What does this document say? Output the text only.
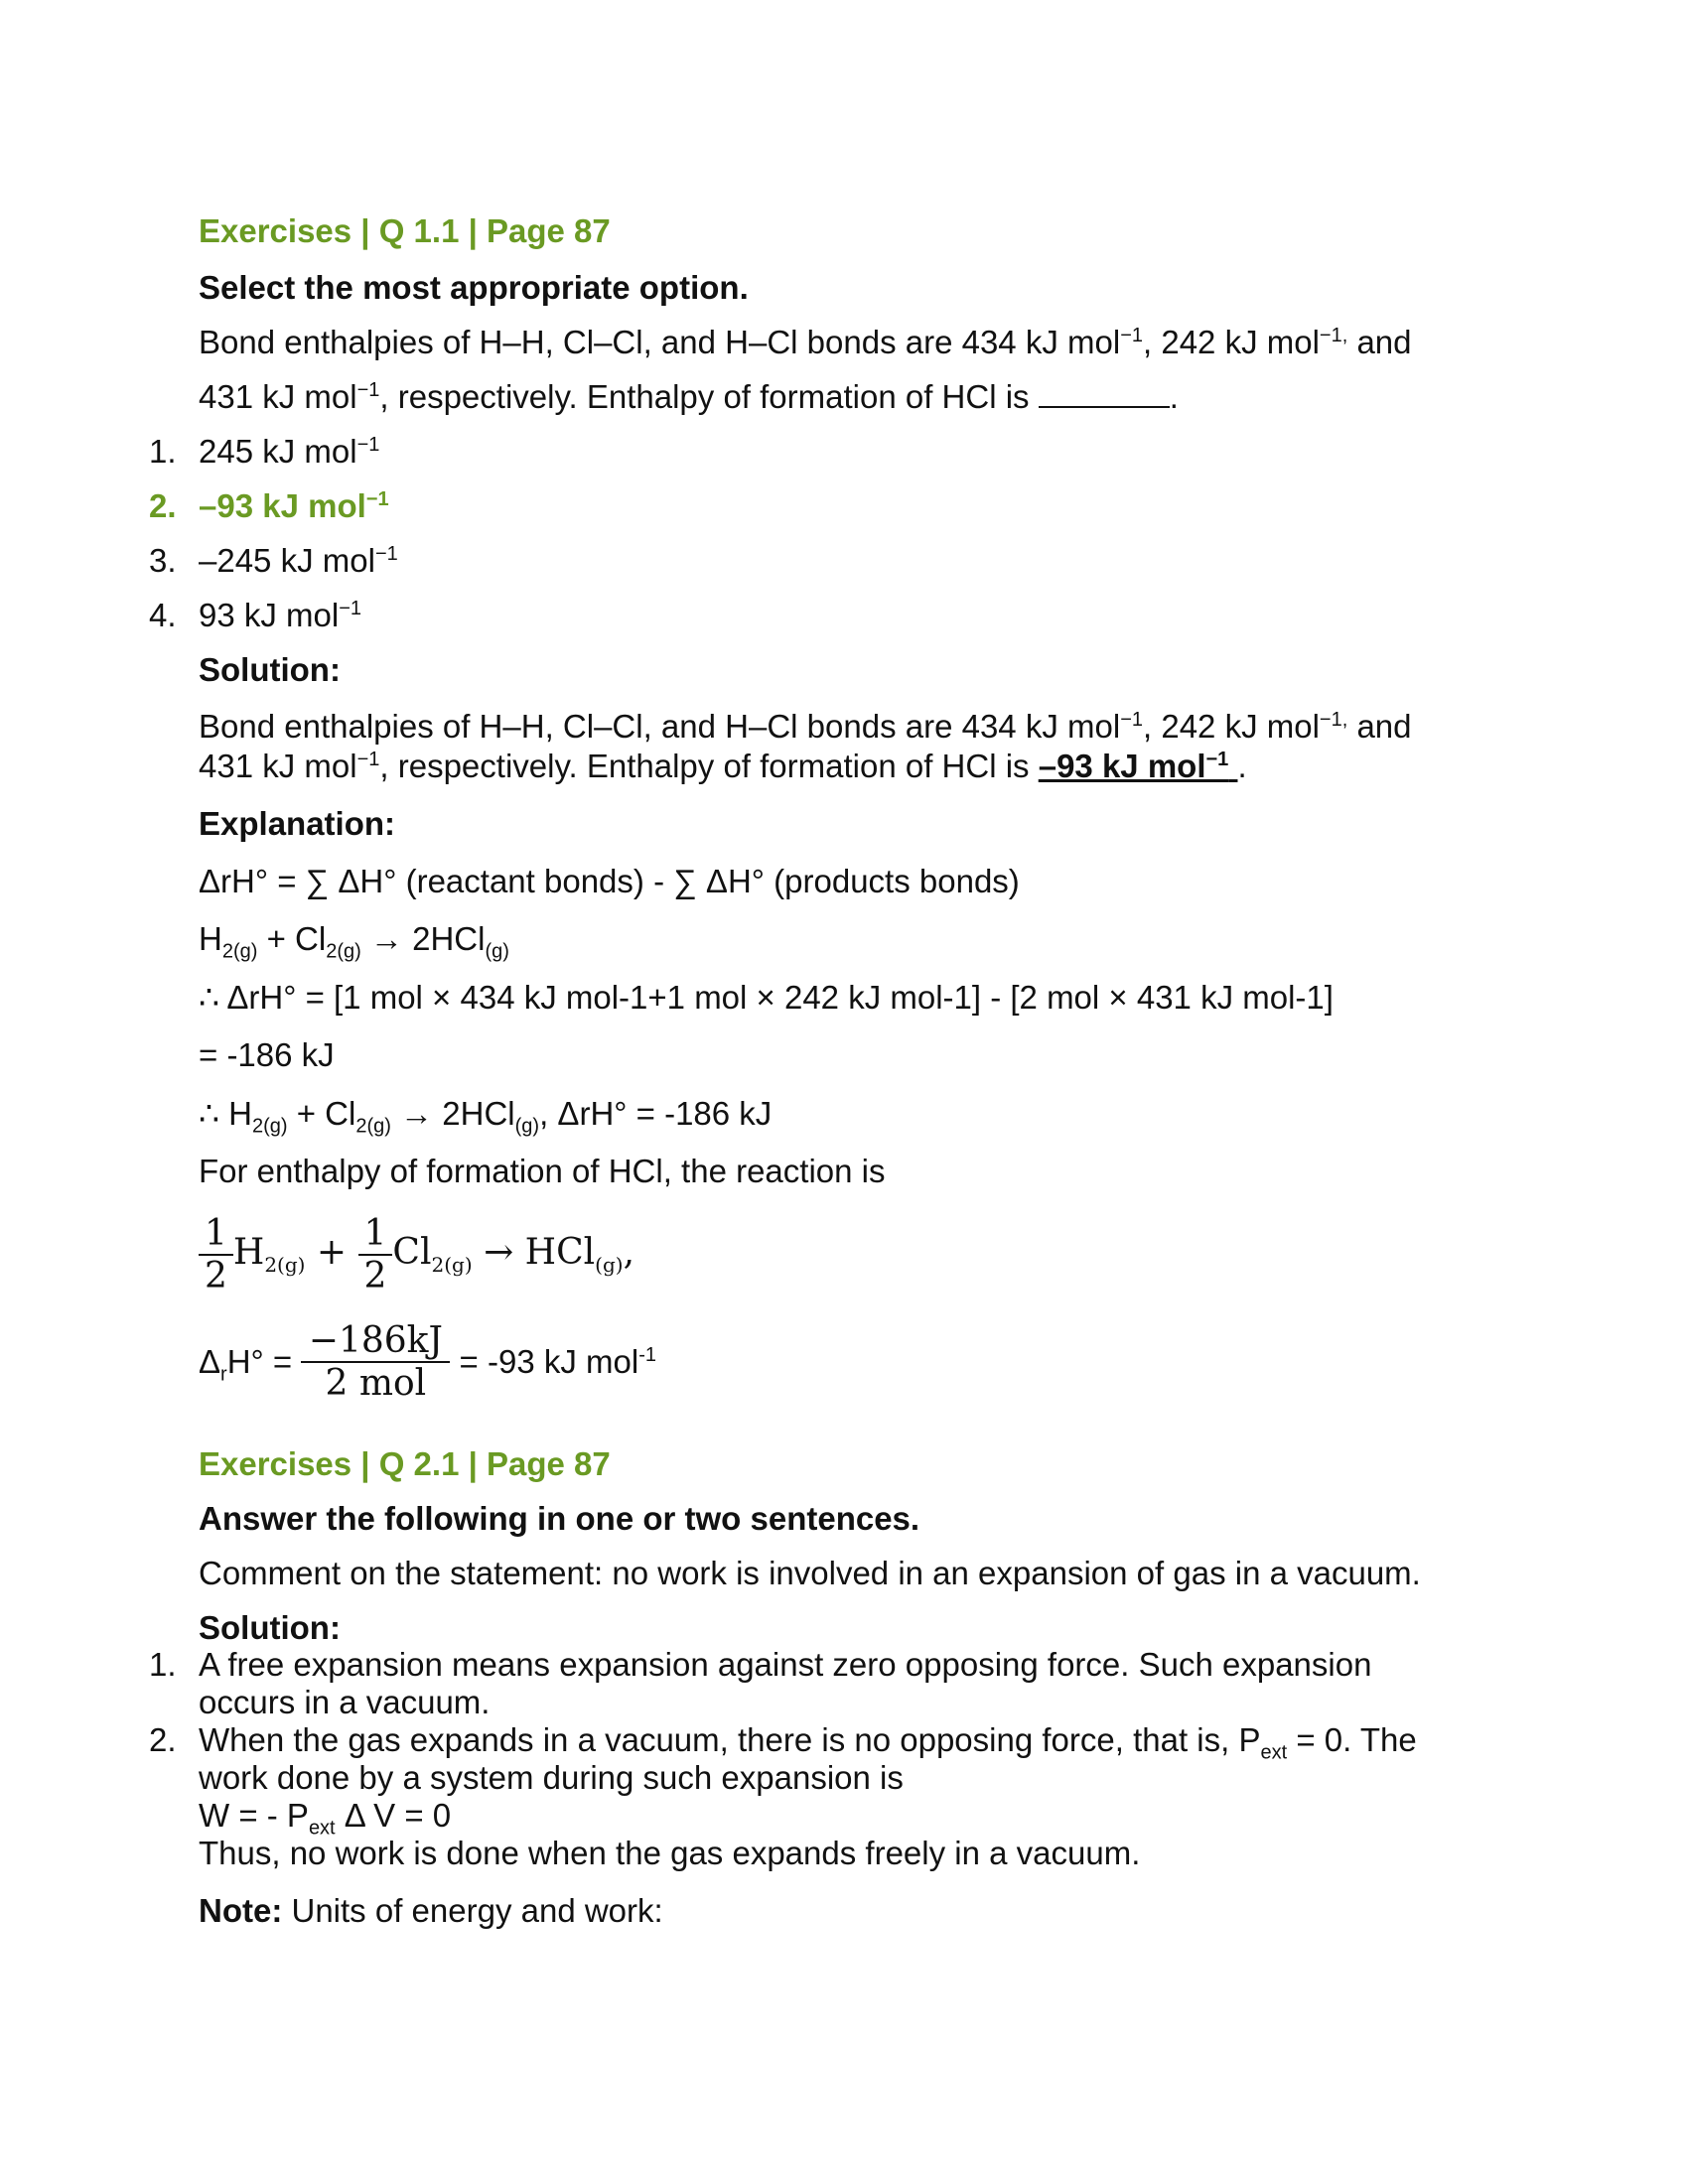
Exercises | Q 1.1 | Page 87
Select the most appropriate option.
Bond enthalpies of H–H, Cl–Cl, and H–Cl bonds are 434 kJ mol$^{-1}$, 242 kJ mol$^{-1,}$ and
431 kJ mol$^{-1}$, respectively. Enthalpy of formation of HCl is	.
1. 245 kJ mol$^{-1}$
2. –93 kJ mol$^{-1}$
3. –245 kJ mol$^{-1}$
4. 93 kJ mol$^{-1}$
Solution:
Bond enthalpies of H–H, Cl–Cl, and H–Cl bonds are 434 kJ mol$^{-1}$, 242 kJ mol$^{-1,}$ and
431 kJ mol$^{-1}$, respectively. Enthalpy of formation of HCl is –93 kJ mol$^{-1}$ .
Explanation:
ΔrH° = ∑ ΔH° (reactant bonds) - ∑ ΔH° (products bonds)
$H_{2(g)} + Cl_{2(g)} \to 2HCl_{(g)}$
∴ ΔrH° = [1 mol × 434 kJ mol-1+1 mol × 242 kJ mol-1] - [2 mol × 431 kJ mol-1]
= -186 kJ
∴ $H_{2(g)} + Cl_{2(g)} \to 2HCl_{(g)}$, ΔrH° = -186 kJ
For enthalpy of formation of HCl, the reaction is
$\frac{1}{2} H_{2(g)} + \frac{1}{2} Cl_{2(g)} \to HCl_{(g)}$,
$\Delta_rH^\circ = \frac{-186kJ}{\text{2 mol}} = -93$ kJ mol$^{-1}$
Exercises | Q 2.1 | Page 87
Answer the following in one or two sentences.
Comment on the statement: no work is involved in an expansion of gas in a vacuum.
Solution:
1. A free expansion means expansion against zero opposing force. Such expansion
occurs in a vacuum.
2. When the gas expands in a vacuum, there is no opposing force, that is, $P_{ext} = 0$. The
work done by a system during such expansion is
W = - $P_{ext}$ Δ V = 0
Thus, no work is done when the gas expands freely in a vacuum.
Note: Units of energy and work:
